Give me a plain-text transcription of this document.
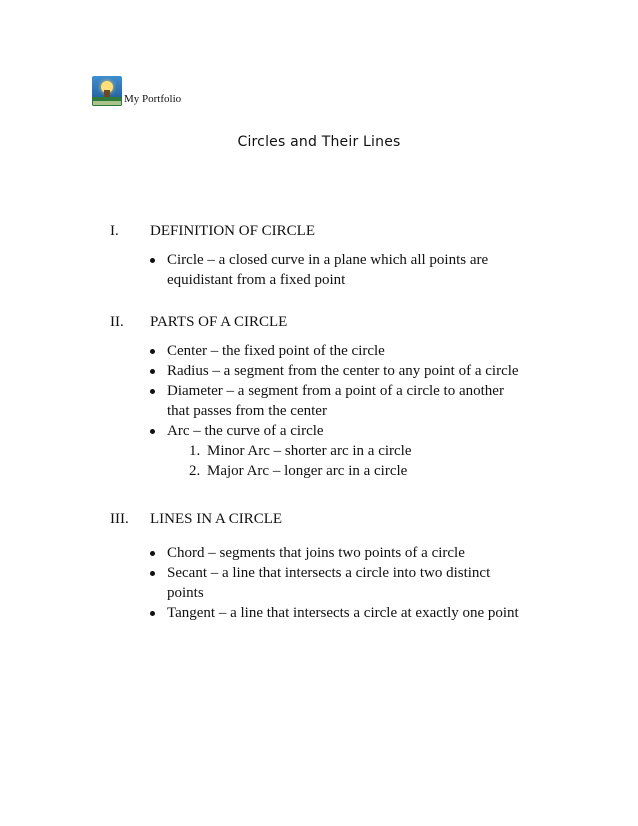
My Portfolio
Circles and Their Lines
I.	DEFINITION OF CIRCLE
Circle – a closed curve in a plane which all points are
equidistant from a fixed point
II.	PARTS OF A CIRCLE
Center – the fixed point of the circle
Radius – a segment from the center to any point of a circle
Diameter – a segment from a point of a circle to another
that passes from the center
Arc – the curve of a circle
1. Minor Arc – shorter arc in a circle
2. Major Arc – longer arc in a circle
III.	LINES IN A CIRCLE
Chord – segments that joins two points of a circle
Secant – a line that intersects a circle into two distinct
points
Tangent – a line that intersects a circle at exactly one point
